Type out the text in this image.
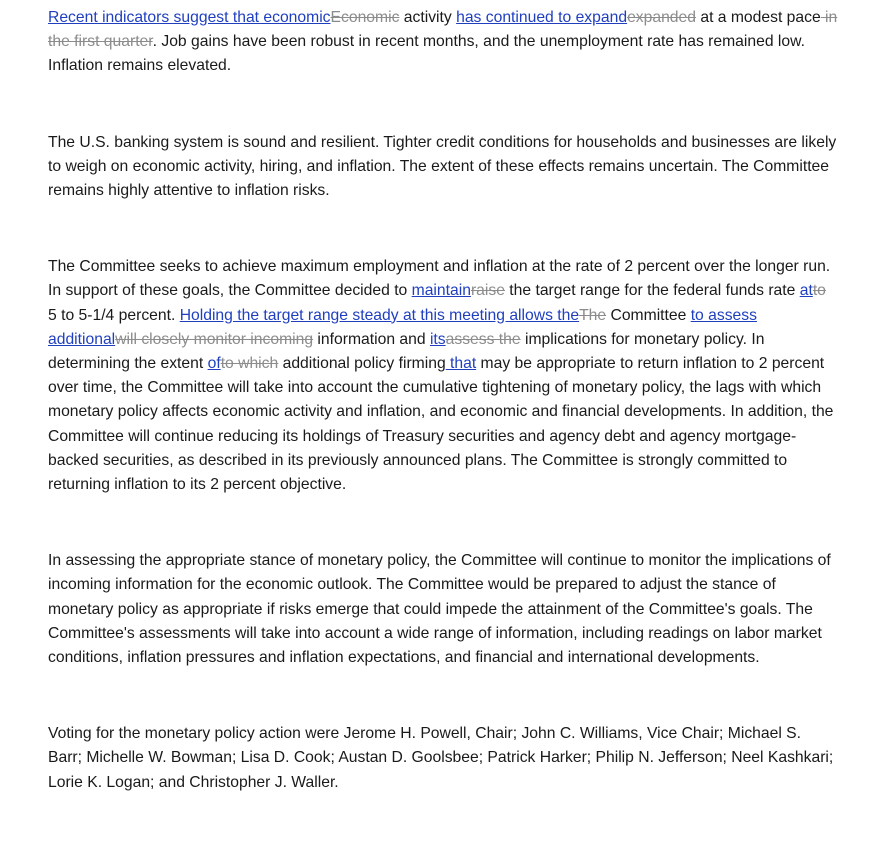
Recent indicators suggest that economicEconomic activity has continued to expandexpanded at a modest pace in the first quarter. Job gains have been robust in recent months, and the unemployment rate has remained low. Inflation remains elevated.

The U.S. banking system is sound and resilient. Tighter credit conditions for households and businesses are likely to weigh on economic activity, hiring, and inflation. The extent of these effects remains uncertain. The Committee remains highly attentive to inflation risks.

The Committee seeks to achieve maximum employment and inflation at the rate of 2 percent over the longer run. In support of these goals, the Committee decided to maintainraise the target range for the federal funds rate atto 5 to 5-1/4 percent. Holding the target range steady at this meeting allows theThe Committee to assess additionalwill closely monitor incoming information and itsassess the implications for monetary policy. In determining the extent ofto which additional policy firming that may be appropriate to return inflation to 2 percent over time, the Committee will take into account the cumulative tightening of monetary policy, the lags with which monetary policy affects economic activity and inflation, and economic and financial developments. In addition, the Committee will continue reducing its holdings of Treasury securities and agency debt and agency mortgage-backed securities, as described in its previously announced plans. The Committee is strongly committed to returning inflation to its 2 percent objective.

In assessing the appropriate stance of monetary policy, the Committee will continue to monitor the implications of incoming information for the economic outlook. The Committee would be prepared to adjust the stance of monetary policy as appropriate if risks emerge that could impede the attainment of the Committee's goals. The Committee's assessments will take into account a wide range of information, including readings on labor market conditions, inflation pressures and inflation expectations, and financial and international developments.

Voting for the monetary policy action were Jerome H. Powell, Chair; John C. Williams, Vice Chair; Michael S. Barr; Michelle W. Bowman; Lisa D. Cook; Austan D. Goolsbee; Patrick Harker; Philip N. Jefferson; Neel Kashkari; Lorie K. Logan; and Christopher J. Waller.
